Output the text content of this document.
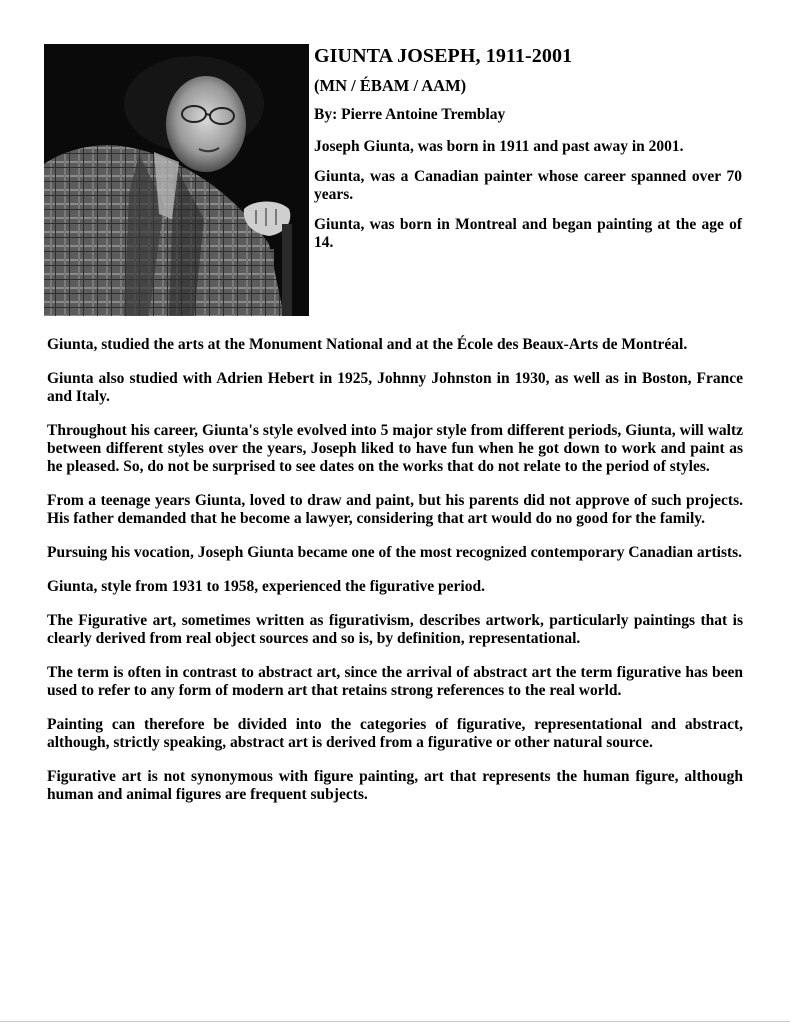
GIUNTA JOSEPH, 1911-2001
(MN / ÉBAM / AAM)
By: Pierre Antoine Tremblay

Joseph Giunta, was born in 1911 and past away in 2001.

Giunta, was a Canadian painter whose career spanned over 70 years.

Giunta, was born in Montreal and began painting at the age of 14.

Giunta, studied the arts at the Monument National and at the École des Beaux-Arts de Montréal.

Giunta also studied with Adrien Hebert in 1925, Johnny Johnston in 1930, as well as in Boston, France and Italy.

Throughout his career, Giunta's style evolved into 5 major style from different periods, Giunta, will waltz between different styles over the years, Joseph liked to have fun when he got down to work and paint as he pleased. So, do not be surprised to see dates on the works that do not relate to the period of styles.

From a teenage years Giunta, loved to draw and paint, but his parents did not approve of such projects. His father demanded that he become a lawyer, considering that art would do no good for the family.

Pursuing his vocation, Joseph Giunta became one of the most recognized contemporary Canadian artists.

Giunta, style from 1931 to 1958, experienced the figurative period.

The Figurative art, sometimes written as figurativism, describes artwork, particularly paintings that is clearly derived from real object sources and so is, by definition, representational.

The term is often in contrast to abstract art, since the arrival of abstract art the term figurative has been used to refer to any form of modern art that retains strong references to the real world.

Painting can therefore be divided into the categories of figurative, representational and abstract, although, strictly speaking, abstract art is derived from a figurative or other natural source.

Figurative art is not synonymous with figure painting, art that represents the human figure, although human and animal figures are frequent subjects.
